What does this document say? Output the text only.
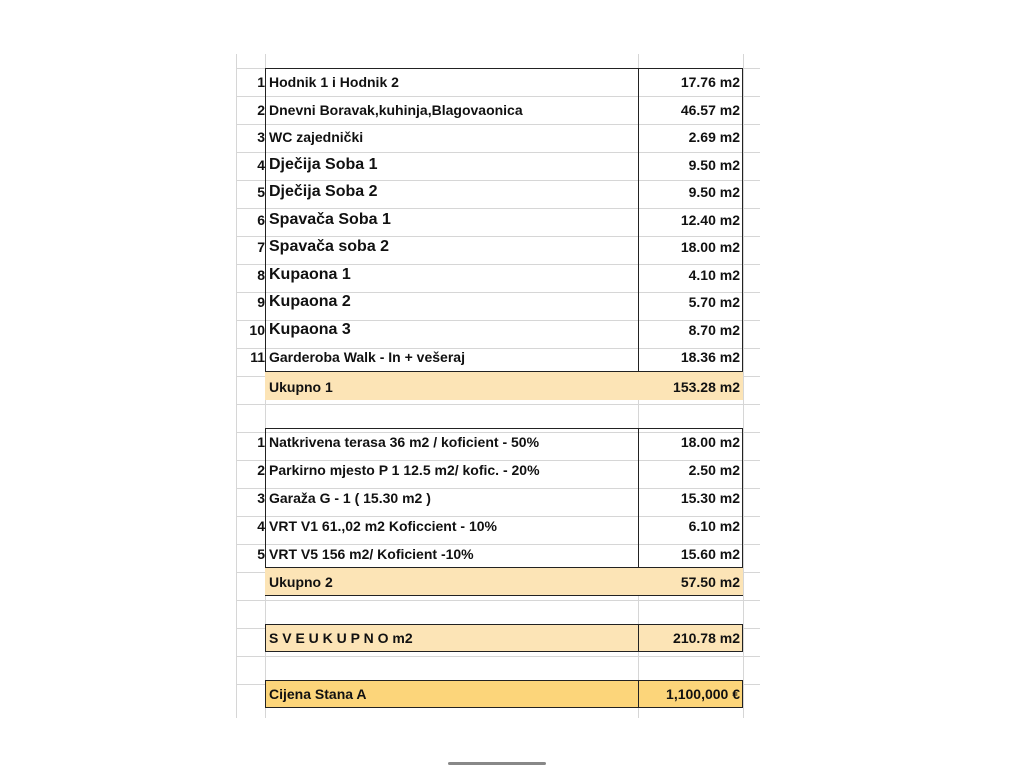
1 Hodnik 1 i Hodnik 2	17.76 m2
2 Dnevni Boravak,kuhinja,Blagovaonica	46.57 m2
3 WC zajednički	2.69 m2
4 Dječija Soba 1	9.50 m2
5 Dječija Soba 2	9.50 m2
6 Spavača Soba 1	12.40 m2
7 Spavača soba 2	18.00 m2
8 Kupaona 1	4.10 m2
9 Kupaona 2	5.70 m2
10 Kupaona 3	8.70 m2
11 Garderoba Walk - In + vešeraj	18.36 m2
Ukupno 1	153.28 m2
1 Natkrivena terasa 36 m2 / koficient - 50%	18.00 m2
2 Parkirno mjesto P 1 12.5 m2/ kofic. - 20%	2.50 m2
3 Garaža G - 1 ( 15.30 m2 )	15.30 m2
4 VRT V1 61.,02 m2 Koficcient - 10%	6.10 m2
5 VRT V5 156 m2/ Koficient -10%	15.60 m2
Ukupno 2	57.50 m2
S V E U K U P N O m2	210.78 m2
Cijena Stana A	1,100,000 €
